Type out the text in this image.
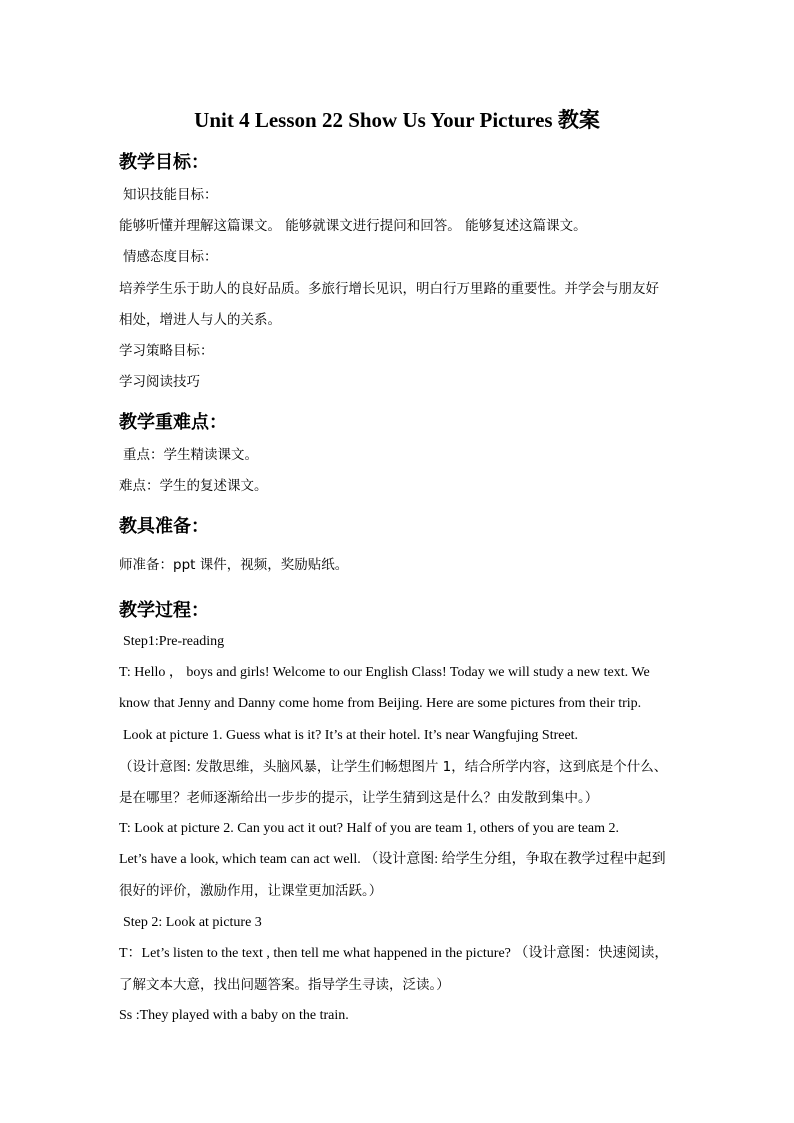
Unit 4 Lesson 22 Show Us Your Pictures 教案
教学目标：
知识技能目标：
能够听懂并理解这篇课文。 能够就课文进行提问和回答。 能够复述这篇课文。
情感态度目标：
培养学生乐于助人的良好品质。多旅行增长见识，明白行万里路的重要性。并学会与朋友好
相处，增进人与人的关系。
学习策略目标：
学习阅读技巧
教学重难点：
重点：学生精读课文。
难点：学生的复述课文。
教具准备：
师准备：ppt 课件，视频，奖励贴纸。
教学过程：
Step1:Pre-reading
T: Hello ， boys and girls! Welcome to our English Class! Today we will study a new text. We
know that Jenny and Danny come home from Beijing. Here are some pictures from their trip.
Look at picture 1. Guess what is it? It’s at their hotel. It’s near Wangfujing Street.
（设计意图: 发散思维，头脑风暴，让学生们畅想图片 1，结合所学内容，这到底是个什么、
是在哪里？老师逐渐给出一步步的提示，让学生猜到这是什么？由发散到集中。）
T: Look at picture 2. Can you act it out? Half of you are team 1, others of you are team 2.
Let’s have a look, which team can act well. （设计意图: 给学生分组，争取在教学过程中起到
很好的评价，激励作用，让课堂更加活跃。）
Step 2: Look at picture 3
T：Let’s listen to the text , then tell me what happened in the picture? （设计意图：快速阅读，
了解文本大意，找出问题答案。指导学生寻读，泛读。）
Ss :They played with a baby on the train.
